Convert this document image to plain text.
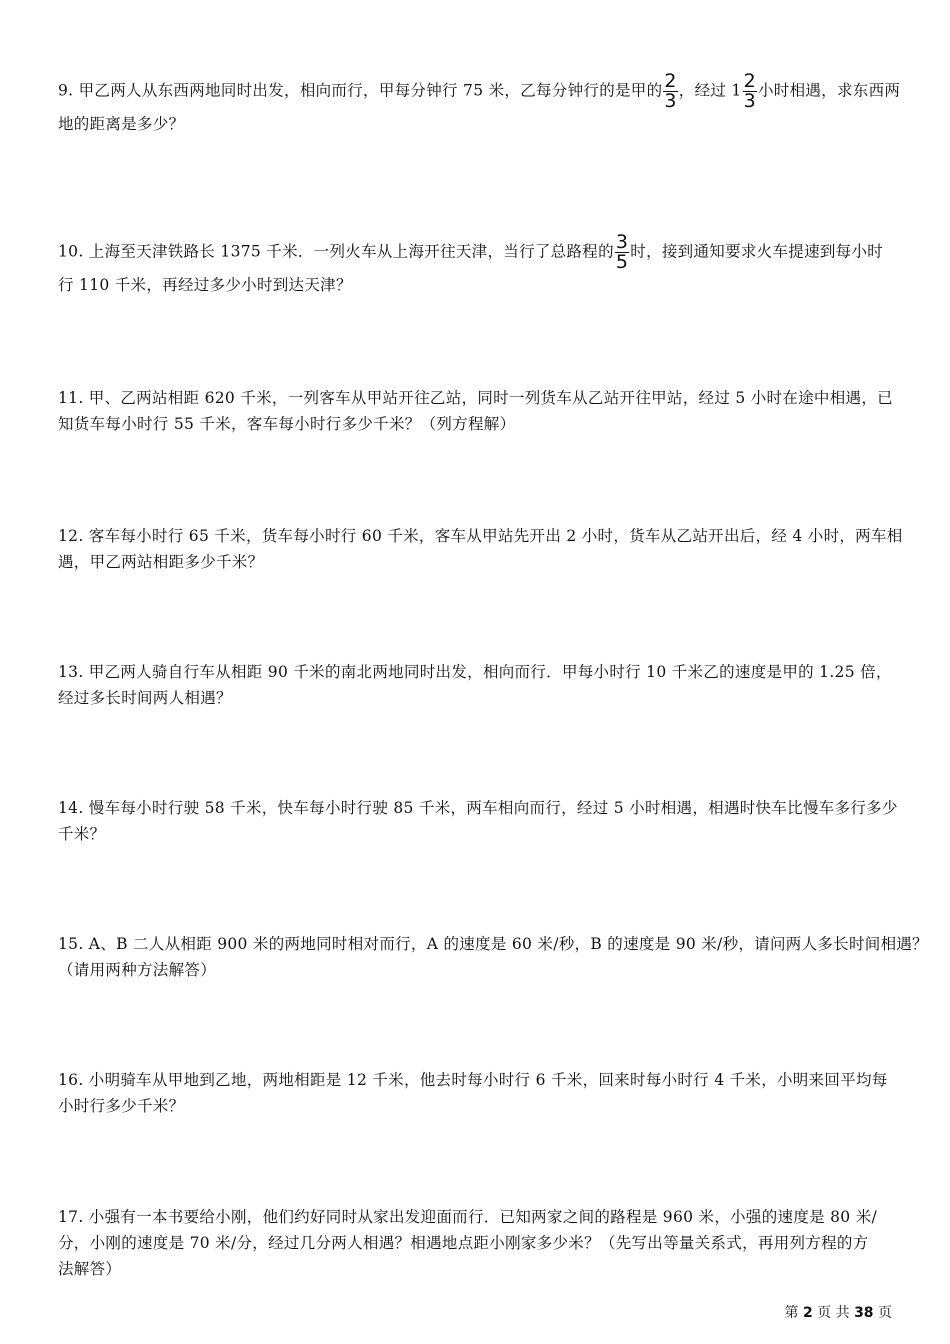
9. 甲乙两人从东西两地同时出发，相向而行，甲每分钟行 75 米，乙每分钟行的是甲的 $\frac{2}{3}$ ，经过 $1 \frac{2}{3}$ 小时相遇，求东西两
地的距离是多少？
10. 上海至天津铁路长 1375 千米．一列火车从上海开往天津，当行了总路程的 $\frac{3}{5}$ 时，接到通知要求火车提速到每小时
行 110 千米，再经过多少小时到达天津？
11. 甲、乙两站相距 620 千米，一列客车从甲站开往乙站，同时一列货车从乙站开往甲站，经过 5 小时在途中相遇，已
知货车每小时行 55 千米，客车每小时行多少千米？（列方程解）
12. 客车每小时行 65 千米，货车每小时行 60 千米，客车从甲站先开出 2 小时，货车从乙站开出后，经 4 小时，两车相
遇，甲乙两站相距多少千米？
13. 甲乙两人骑自行车从相距 90 千米的南北两地同时出发，相向而行．甲每小时行 10 千米乙的速度是甲的 1.25 倍，
经过多长时间两人相遇？
14. 慢车每小时行驶 58 千米，快车每小时行驶 85 千米，两车相向而行，经过 5 小时相遇，相遇时快车比慢车多行多少
千米？
15. A、B 二人从相距 900 米的两地同时相对而行，A 的速度是 60 米/秒，B 的速度是 90 米/秒，请问两人多长时间相遇？
（请用两种方法解答）
16. 小明骑车从甲地到乙地，两地相距是 12 千米，他去时每小时行 6 千米，回来时每小时行 4 千米，小明来回平均每
小时行多少千米？
17. 小强有一本书要给小刚，他们约好同时从家出发迎面而行．已知两家之间的路程是 960 米，小强的速度是 80 米/
分，小刚的速度是 70 米/分，经过几分两人相遇？相遇地点距小刚家多少米？（先写出等量关系式，再用列方程的方
法解答）
第 2 页 共 38 页
